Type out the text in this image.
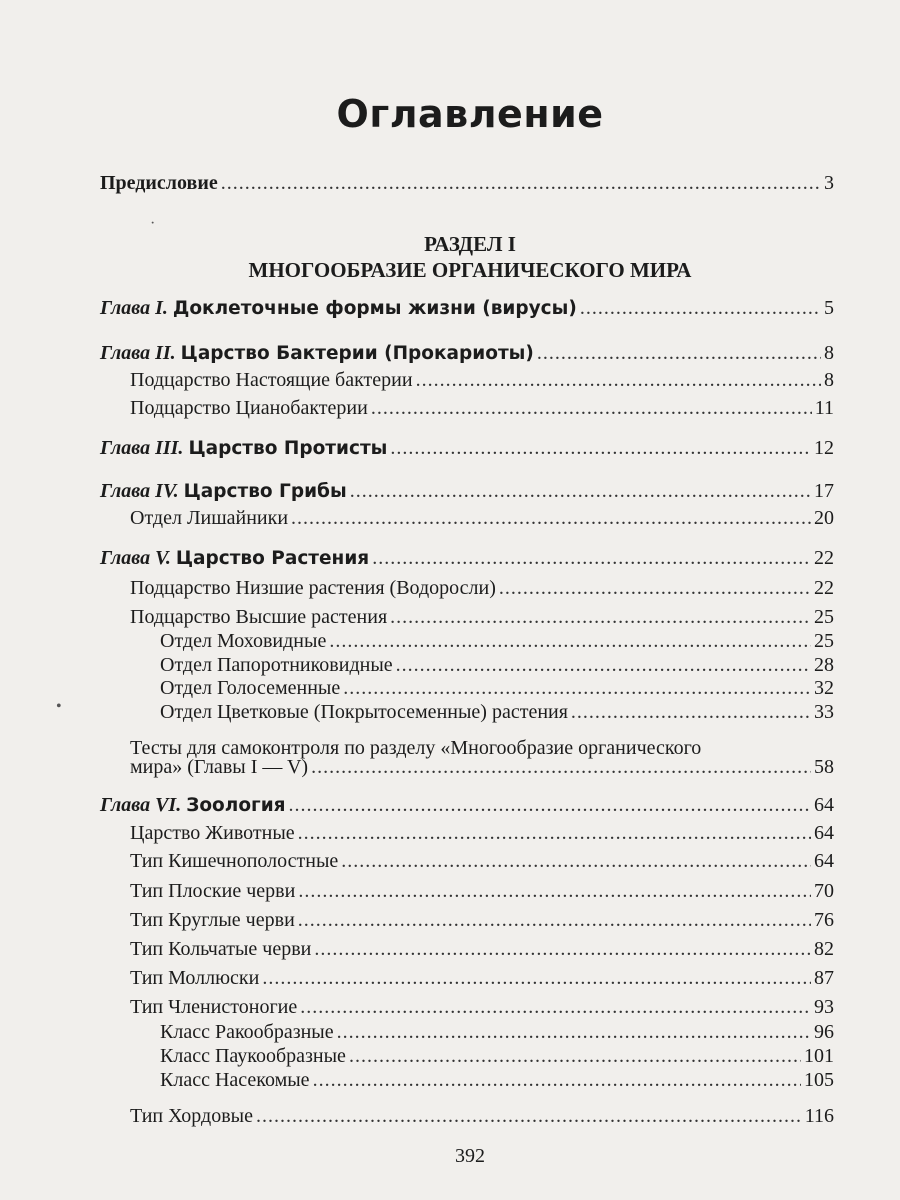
Оглавление
Предисловие .....	3
РАЗДЕЛ I
МНОГООБРАЗИЕ ОРГАНИЧЕСКОГО МИРА
Глава I. Доклеточные формы жизни (вирусы) .....	5
Глава II. Царство Бактерии (Прокариоты) .....	8
Подцарство Настоящие бактерии .....	8
Подцарство Цианобактерии .....	11
Глава III. Царство Протисты .....	12
Глава IV. Царство Грибы .....	17
Отдел Лишайники .....	20
Глава V. Царство Растения .....	22
Подцарство Низшие растения (Водоросли) .....	22
Подцарство Высшие растения .....	25
Отдел Моховидные .....	25
Отдел Папоротниковидные .....	28
Отдел Голосеменные .....	32
Отдел Цветковые (Покрытосеменные) растения .....	33
Тесты для самоконтроля по разделу «Многообразие органического
мира» (Главы I — V) .....	58
Глава VI. Зоология .....	64
Царство Животные .....	64
Тип Кишечнополостные .....	64
Тип Плоские черви .....	70
Тип Круглые черви .....	76
Тип Кольчатые черви .....	82
Тип Моллюски .....	87
Тип Членистоногие .....	93
Класс Ракообразные .....	96
Класс Паукообразные .....	101
Класс Насекомые .....	105
Тип Хордовые .....	116
392
·
•
